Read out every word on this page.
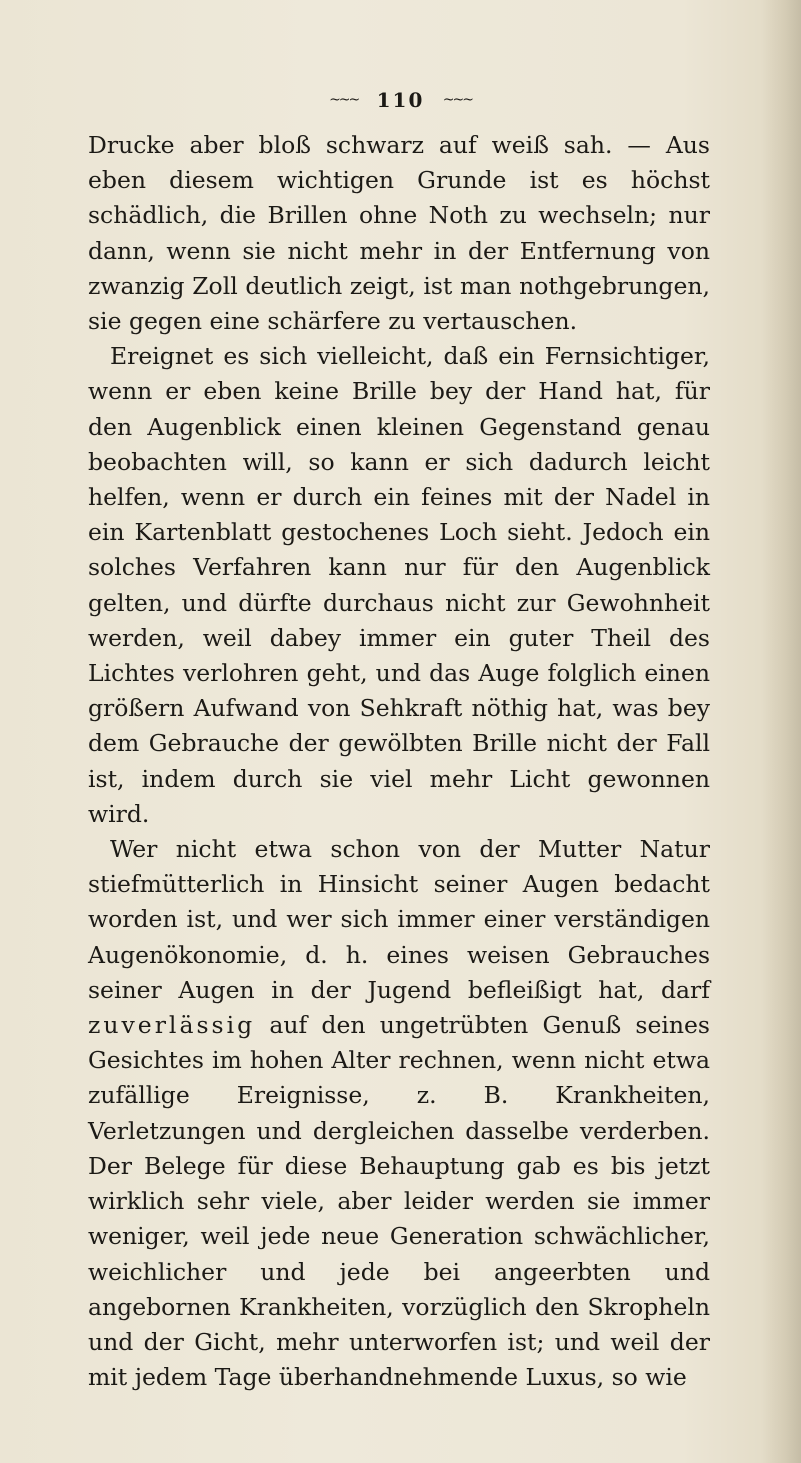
~~~ 110 ~~~

Drucke aber bloß schwarz auf weiß sah. — Aus eben diesem wichtigen Grunde ist es höchst schädlich, die Brillen ohne Noth zu wechseln; nur dann, wenn sie nicht mehr in der Entfernung von zwanzig Zoll deutlich zeigt, ist man nothgebrungen, sie gegen eine schärfere zu vertauschen.

Ereignet es sich vielleicht, daß ein Fernsichtiger, wenn er eben keine Brille bey der Hand hat, für den Augenblick einen kleinen Gegenstand genau beobachten will, so kann er sich dadurch leicht helfen, wenn er durch ein feines mit der Nadel in ein Kartenblatt gestochenes Loch sieht. Jedoch ein solches Verfahren kann nur für den Augenblick gelten, und dürfte durchaus nicht zur Gewohnheit werden, weil dabey immer ein guter Theil des Lichtes verlohren geht, und das Auge folglich einen größern Aufwand von Sehkraft nöthig hat, was bey dem Gebrauche der gewölbten Brille nicht der Fall ist, indem durch sie viel mehr Licht gewonnen wird.

Wer nicht etwa schon von der Mutter Natur stiefmütterlich in Hinsicht seiner Augen bedacht worden ist, und wer sich immer einer verständigen Augenökonomie, d. h. eines weisen Gebrauches seiner Augen in der Jugend befleißigt hat, darf zuverlässig auf den ungetrübten Genuß seines Gesichtes im hohen Alter rechnen, wenn nicht etwa zufällige Ereignisse, z. B. Krankheiten, Verletzungen und dergleichen dasselbe verderben. Der Belege für diese Behauptung gab es bis jetzt wirklich sehr viele, aber leider werden sie immer weniger, weil jede neue Generation schwächlicher, weichlicher und jede bei angeerbten und angebornen Krankheiten, vorzüglich den Skropheln und der Gicht, mehr unterworfen ist; und weil der mit jedem Tage überhandnehmende Luxus, so wie
